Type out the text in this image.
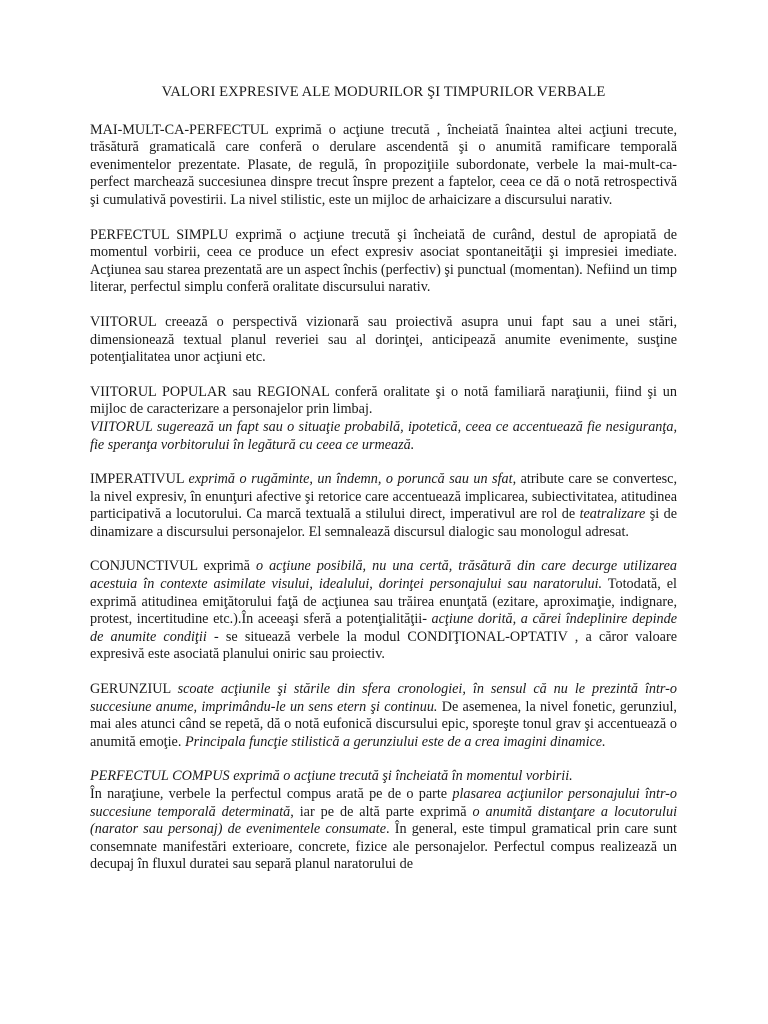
VALORI EXPRESIVE ALE MODURILOR ŞI TIMPURILOR VERBALE

MAI-MULT-CA-PERFECTUL exprimă o acţiune trecută , încheiată înaintea altei acţiuni trecute, trăsătură gramaticală care conferă o derulare ascendentă şi o anumită ramificare temporală evenimentelor prezentate. Plasate, de regulă, în propoziţiile subordonate, verbele la mai-mult-ca-perfect marchează succesiunea dinspre trecut înspre prezent a faptelor, ceea ce dă o notă retrospectivă şi cumulativă povestirii. La nivel stilistic, este un mijloc de arhaicizare a discursului narativ.

PERFECTUL SIMPLU exprimă o acţiune trecută şi încheiată de curând, destul de apropiată de momentul vorbirii, ceea ce produce un efect expresiv asociat spontaneităţii şi impresiei imediate. Acţiunea sau starea prezentată are un aspect închis (perfectiv) şi punctual (momentan). Nefiind un timp literar, perfectul simplu conferă oralitate discursului narativ.

VIITORUL creează o perspectivă vizionară sau proiectivă asupra unui fapt sau a unei stări, dimensionează textual planul reveriei sau al dorinţei, anticipează anumite evenimente, susţine potenţialitatea unor acţiuni etc.

VIITORUL POPULAR sau REGIONAL conferă oralitate şi o notă familiară naraţiunii, fiind şi un mijloc de caracterizare a personajelor prin limbaj.

VIITORUL sugerează un fapt sau o situaţie probabilă, ipotetică, ceea ce accentuează fie nesiguranţa, fie speranţa vorbitorului în legătură cu ceea ce urmează.

IMPERATIVUL exprimă o rugăminte, un îndemn, o poruncă sau un sfat, atribute care se convertesc, la nivel expresiv, în enunţuri afective şi retorice care accentuează implicarea, subiectivitatea, atitudinea participativă a locutorului. Ca marcă textuală a stilului direct, imperativul are rol de teatralizare şi de dinamizare a discursului personajelor. El semnalează discursul dialogic sau monologul adresat.

CONJUNCTIVUL exprimă o acţiune posibilă, nu una certă, trăsătură din care decurge utilizarea acestuia în contexte asimilate visului, idealului, dorinţei personajului sau naratorului. Totodată, el exprimă atitudinea emiţătorului faţă de acţiunea sau trăirea enunţată (ezitare, aproximaţie, indignare, protest, incertitudine etc.).În aceeaşi sferă a potenţialităţii- acţiune dorită, a cărei îndeplinire depinde de anumite condiţii - se situează verbele la modul CONDIŢIONAL-OPTATIV , a căror valoare expresivă este asociată planului oniric sau proiectiv.

GERUNZIUL scoate acţiunile şi stările din sfera cronologiei, în sensul că nu le prezintă într-o succesiune anume, imprimându-le un sens etern şi continuu. De asemenea, la nivel fonetic, gerunziul, mai ales atunci când se repetă, dă o notă eufonică discursului epic, sporeşte tonul grav şi accentuează o anumită emoţie. Principala funcţie stilistică a gerunziului este de a crea imagini dinamice.

PERFECTUL COMPUS exprimă o acţiune trecută şi încheiată în momentul vorbirii.

În naraţiune, verbele la perfectul compus arată pe de o parte plasarea acţiunilor personajului într-o succesiune temporală determinată, iar pe de altă parte exprimă o anumită distanţare a locutorului (narator sau personaj) de evenimentele consumate. În general, este timpul gramatical prin care sunt consemnate manifestări exterioare, concrete, fizice ale personajelor. Perfectul compus realizează un decupaj în fluxul duratei sau separă planul naratorului de
